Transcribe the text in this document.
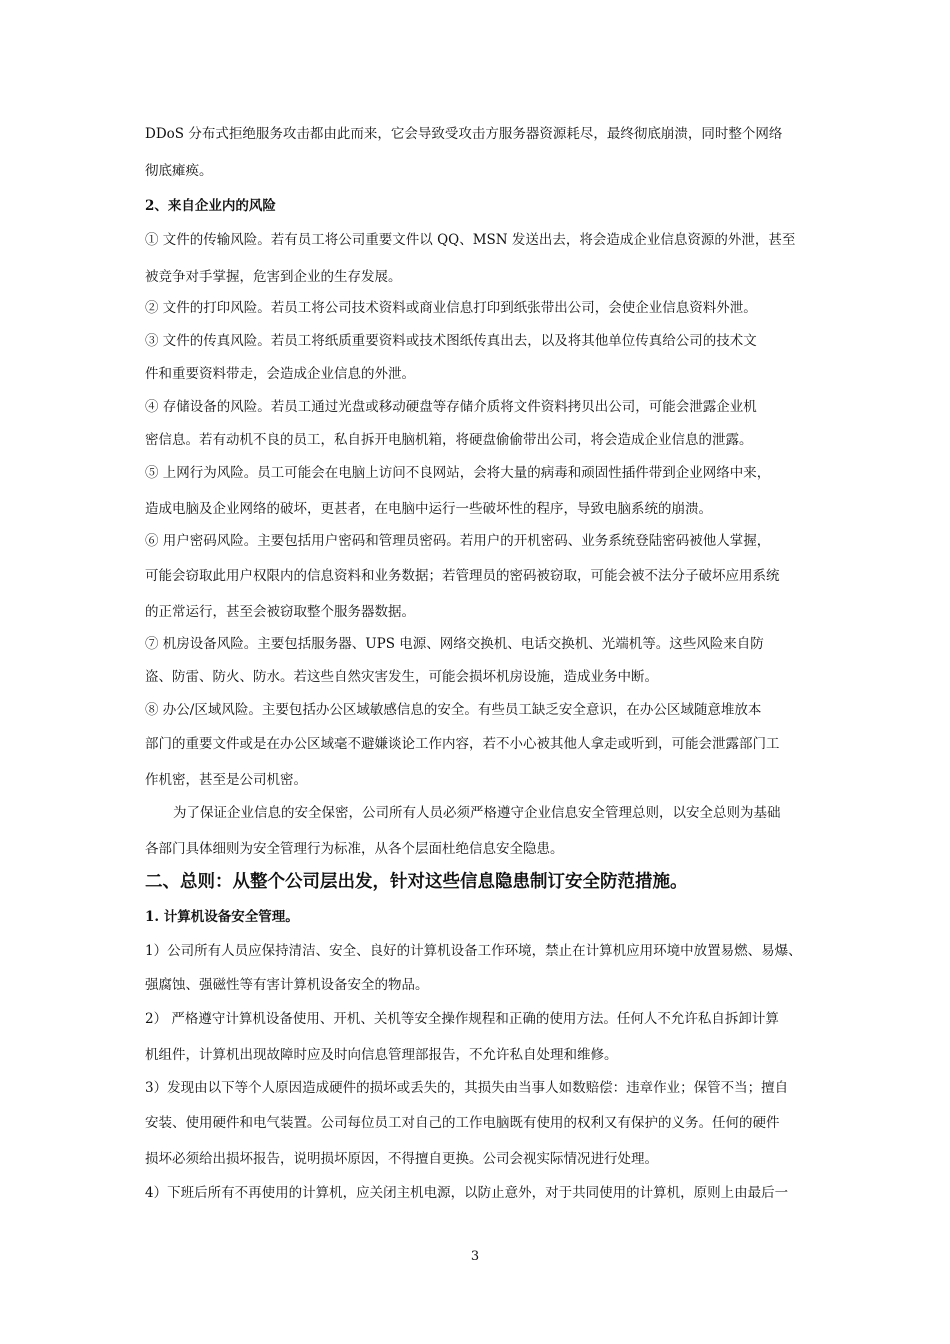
DDoS 分布式拒绝服务攻击都由此而来，它会导致受攻击方服务器资源耗尽，最终彻底崩溃，同时整个网络
彻底瘫痪。
2、来自企业内的风险
① 文件的传输风险。若有员工将公司重要文件以 QQ、MSN 发送出去，将会造成企业信息资源的外泄，甚至
被竞争对手掌握，危害到企业的生存发展。
② 文件的打印风险。若员工将公司技术资料或商业信息打印到纸张带出公司，会使企业信息资料外泄。
③ 文件的传真风险。若员工将纸质重要资料或技术图纸传真出去，以及将其他单位传真给公司的技术文
件和重要资料带走，会造成企业信息的外泄。
④ 存储设备的风险。若员工通过光盘或移动硬盘等存储介质将文件资料拷贝出公司，可能会泄露企业机
密信息。若有动机不良的员工，私自拆开电脑机箱，将硬盘偷偷带出公司，将会造成企业信息的泄露。
⑤ 上网行为风险。员工可能会在电脑上访问不良网站，会将大量的病毒和顽固性插件带到企业网络中来，
造成电脑及企业网络的破坏，更甚者，在电脑中运行一些破坏性的程序，导致电脑系统的崩溃。
⑥ 用户密码风险。主要包括用户密码和管理员密码。若用户的开机密码、业务系统登陆密码被他人掌握，
可能会窃取此用户权限内的信息资料和业务数据；若管理员的密码被窃取，可能会被不法分子破坏应用系统
的正常运行，甚至会被窃取整个服务器数据。
⑦ 机房设备风险。主要包括服务器、UPS 电源、网络交换机、电话交换机、光端机等。这些风险来自防
盗、防雷、防火、防水。若这些自然灾害发生，可能会损坏机房设施，造成业务中断。
⑧ 办公/区域风险。主要包括办公区域敏感信息的安全。有些员工缺乏安全意识，在办公区域随意堆放本
部门的重要文件或是在办公区域毫不避嫌谈论工作内容，若不小心被其他人拿走或听到，可能会泄露部门工
作机密，甚至是公司机密。
为了保证企业信息的安全保密，公司所有人员必须严格遵守企业信息安全管理总则，以安全总则为基础
各部门具体细则为安全管理行为标准，从各个层面杜绝信息安全隐患。
二、总则：从整个公司层出发，针对这些信息隐患制订安全防范措施。
1. 计算机设备安全管理。
1）公司所有人员应保持清洁、安全、良好的计算机设备工作环境，禁止在计算机应用环境中放置易燃、易爆、
强腐蚀、强磁性等有害计算机设备安全的物品。
2） 严格遵守计算机设备使用、开机、关机等安全操作规程和正确的使用方法。任何人不允许私自拆卸计算
机组件，计算机出现故障时应及时向信息管理部报告，不允许私自处理和维修。
3）发现由以下等个人原因造成硬件的损坏或丢失的，其损失由当事人如数赔偿：违章作业；保管不当；擅自
安装、使用硬件和电气装置。公司每位员工对自己的工作电脑既有使用的权利又有保护的义务。任何的硬件
损坏必须给出损坏报告，说明损坏原因，不得擅自更换。公司会视实际情况进行处理。
4）下班后所有不再使用的计算机，应关闭主机电源，以防止意外，对于共同使用的计算机，原则上由最后一
3
